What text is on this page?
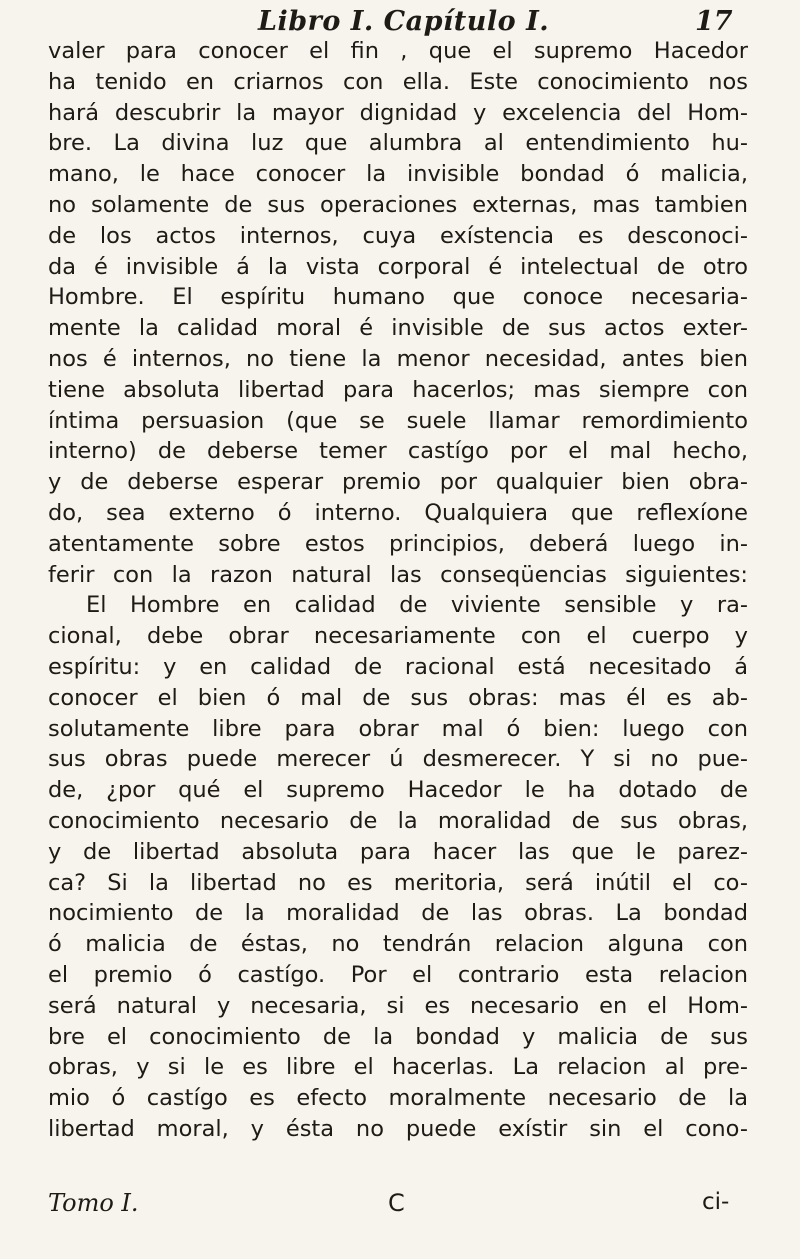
Libro I. Capítulo I.	17
valer para conocer el fin , que el supremo Hacedor
ha tenido en criarnos con ella. Este conocimiento nos
hará descubrir la mayor dignidad y excelencia del Hom-
bre. La divina luz que alumbra al entendimiento hu-
mano, le hace conocer la invisible bondad ó malicia,
no solamente de sus operaciones externas, mas tambien
de los actos internos, cuya exístencia es desconoci-
da é invisible á la vista corporal é intelectual de otro
Hombre. El espíritu humano que conoce necesaria-
mente la calidad moral é invisible de sus actos exter-
nos é internos, no tiene la menor necesidad, antes bien
tiene absoluta libertad para hacerlos; mas siempre con
íntima persuasion (que se suele llamar remordimiento
interno) de deberse temer castígo por el mal hecho,
y de deberse esperar premio por qualquier bien obra-
do, sea externo ó interno. Qualquiera que reflexíone
atentamente sobre estos principios, deberá luego in-
ferir con la razon natural las conseqüencias siguientes:
El Hombre en calidad de viviente sensible y ra-
cional, debe obrar necesariamente con el cuerpo y
espíritu: y en calidad de racional está necesitado á
conocer el bien ó mal de sus obras: mas él es ab-
solutamente libre para obrar mal ó bien: luego con
sus obras puede merecer ú desmerecer. Y si no pue-
de, ¿por qué el supremo Hacedor le ha dotado de
conocimiento necesario de la moralidad de sus obras,
y de libertad absoluta para hacer las que le parez-
ca? Si la libertad no es meritoria, será inútil el co-
nocimiento de la moralidad de las obras. La bondad
ó malicia de éstas, no tendrán relacion alguna con
el premio ó castígo. Por el contrario esta relacion
será natural y necesaria, si es necesario en el Hom-
bre el conocimiento de la bondad y malicia de sus
obras, y si le es libre el hacerlas. La relacion al pre-
mio ó castígo es efecto moralmente necesario de la
libertad moral, y ésta no puede exístir sin el cono-
Tomo I.	C	ci-
